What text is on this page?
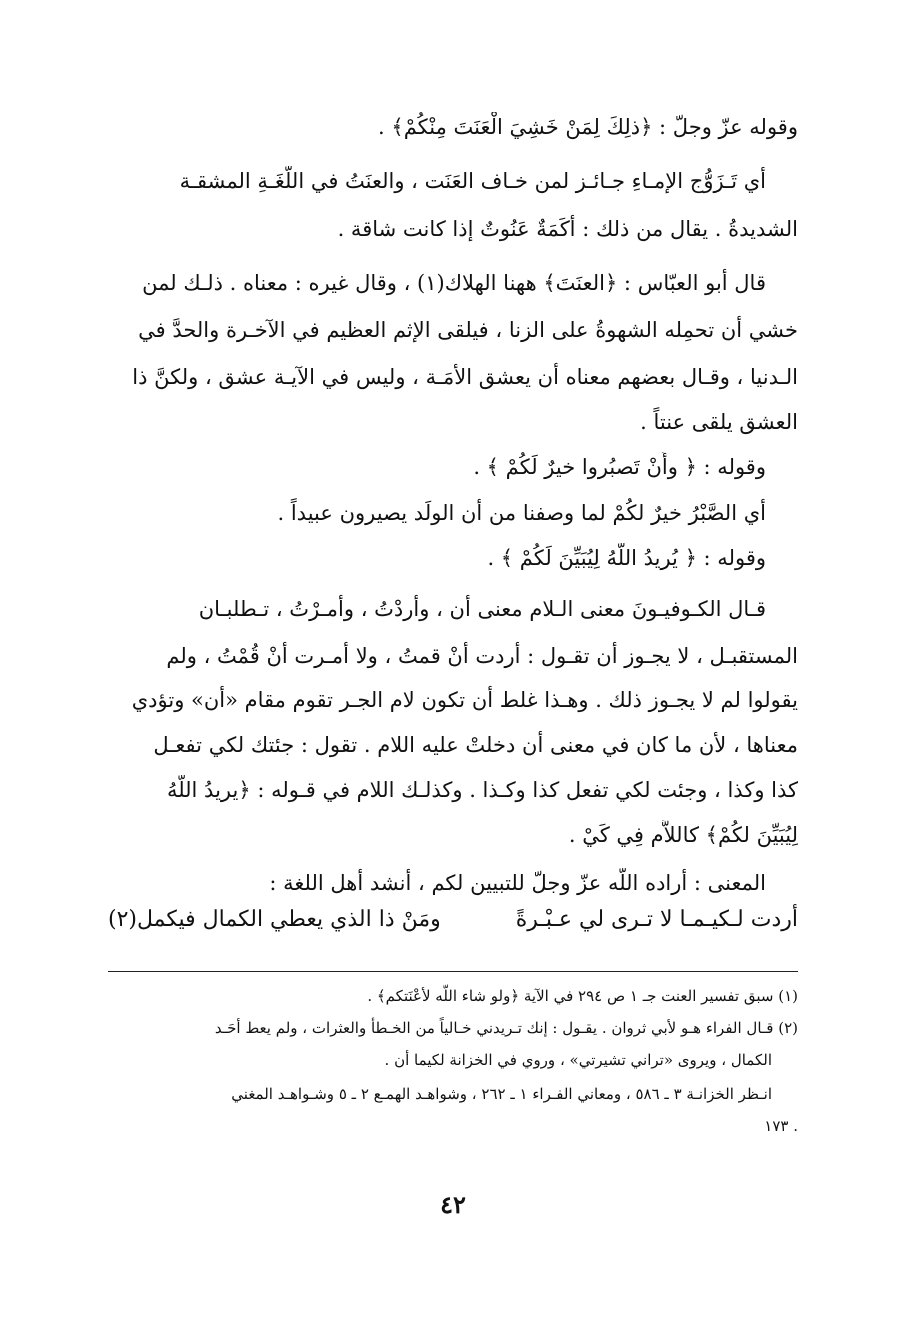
وقوله عزّ وجلّ : ﴿ذلِكَ لِمَنْ خَشِيَ الْعَنَتَ مِنْكُمْ﴾ .
أي تَـزَوُّج الإمـاءِ جـائـز لمن خـاف العَنَت ، والعنَتُ في اللُّغَـةِ المشقـة
الشديدةُ . يقال من ذلك : أكَمَةٌ عَنُوتٌ إذا كانت شاقة .
قال أبو العبّاس : ﴿العنَتَ﴾ ههنا الهلاك(١) ، وقال غيره : معناه . ذلـك لمن
خشي أن تحمِله الشهوةُ على الزنا ، فيلقى الإثم العظيم في الآخـرة والحدَّ في
الـدنيا ، وقـال بعضهم معناه أن يعشق الأمَـة ، وليس في الآيـة عشق ، ولكنَّ ذا
العشق يلقى عنتاً .
وقوله : ﴿ وأَنْ تَصبُروا خيرٌ لَكُمْ ﴾ .
أي الصَّبْرُ خيرٌ لكُمْ لما وصفنا من أن الولَد يصيرون عبيداً .
وقوله : ﴿ يُريدُ اللَّهُ لِيُبَيِّنَ لَكُمْ ﴾ .
قـال الكـوفيـونَ معنى الـلام معنى أن ، وأردْتُ ، وأمـرْتُ ، تـطلبـان
المستقبـل ، لا يجـوز أن تقـول : أردت أنْ قمتُ ، ولا أمـرت أنْ قُمْتُ ، ولم
يقولوا لم لا يجـوز ذلك . وهـذا غلط أن تكون لام الجـر تقوم مقام «أن» وتؤدي
معناها ، لأن ما كان في معنى أن دخلتْ عليه اللام . تقول : جئتك لكي تفعـل
كذا وكذا ، وجئت لكي تفعل كذا وكـذا . وكذلـك اللام في قـوله : ﴿يريدُ اللَّهُ
لِيُبَيِّنَ لكُمْ﴾ كاللاَّم فِي كَيْ .
المعنى : أراده اللَّه عزّ وجلّ للتبيين لكم ، أنشد أهل اللغة :
أردت لـكيـمـا لا تـرى لي عـبْـرةً
ومَنْ ذا الذي يعطي الكمال فيكمل(٢)
(١) سبق تفسير العنت جـ ١ ص ٢٩٤ في الآية ﴿ولو شاء اللَّه لأعْنَتكم﴾ .
(٢) قـال الفراء هـو لأبي ثروان . يقـول : إنك تـريدني خـالياً من الخـطأ والعثرات ، ولم يعط أحَـد
الكمال ، ويروى «تراني تشيرتي» ، وروي في الخزانة لكيما أن .
انـظر الخزانـة ٣ ـ ٥٨٦ ، ومعاني الفـراء ١ ـ ٢٦٢ ، وشواهـد الهمـع ٢ ـ ٥ وشـواهـد المغني
. ١٧٣
٤٢
